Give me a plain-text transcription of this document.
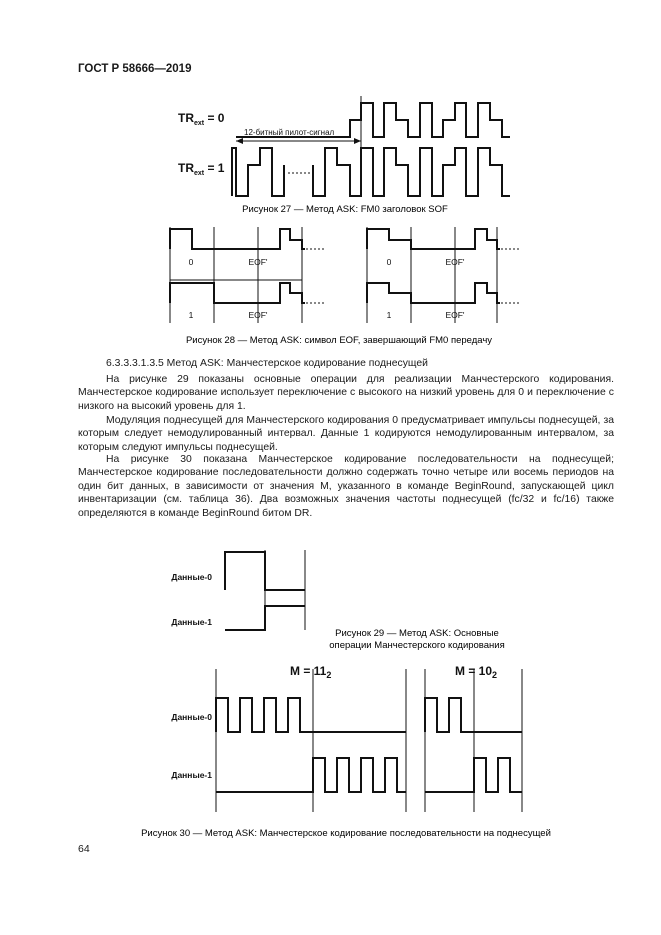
ГОСТ Р 58666—2019
$TR_{ext} = 0$
$TR_{ext} = 1$
12-битный пилот-сигнал
Рисунок 27 — Метод ASK: FM0 заголовок SOF
0	EOF'
1	EOF'
0	EOF'
1	EOF'
Рисунок 28 — Метод ASK: символ EOF, завершающий FM0 передачу
Данные-0
Данные-1
Рисунок 29 — Метод ASK: Основные
операции Манчестерского кодирования
$M = 11_2$	$M = 10_2$
Данные-0
Данные-1
Рисунок 30 — Метод ASK: Манчестерское кодирование последовательности на поднесущей
6.3.3.3.1.3.5 Метод ASK: Манчестерское кодирование поднесущей
На рисунке 29 показаны основные операции для реализации Манчестерского кодирования. Манчестерское кодирование использует переключение с высокого на низкий уровень для 0 и переключение с низкого на высокий уровень для 1.
Модуляция поднесущей для Манчестерского кодирования 0 предусматривает импульсы поднесущей, за которым следует немодулированный интервал. Данные 1 кодируются немодулированным интервалом, за которым следуют импульсы поднесущей.
На рисунке 30 показана Манчестерское кодирование последовательности на поднесущей; Манчестерское кодирование последовательности должно содержать точно четыре или восемь периодов на один бит данных, в зависимости от значения M, указанного в команде BeginRound, запускающей цикл инвентаризации (см. таблица 36). Два возможных значения частоты поднесущей (fc/32 и fc/16) также определяются в команде BeginRound битом DR.
64
